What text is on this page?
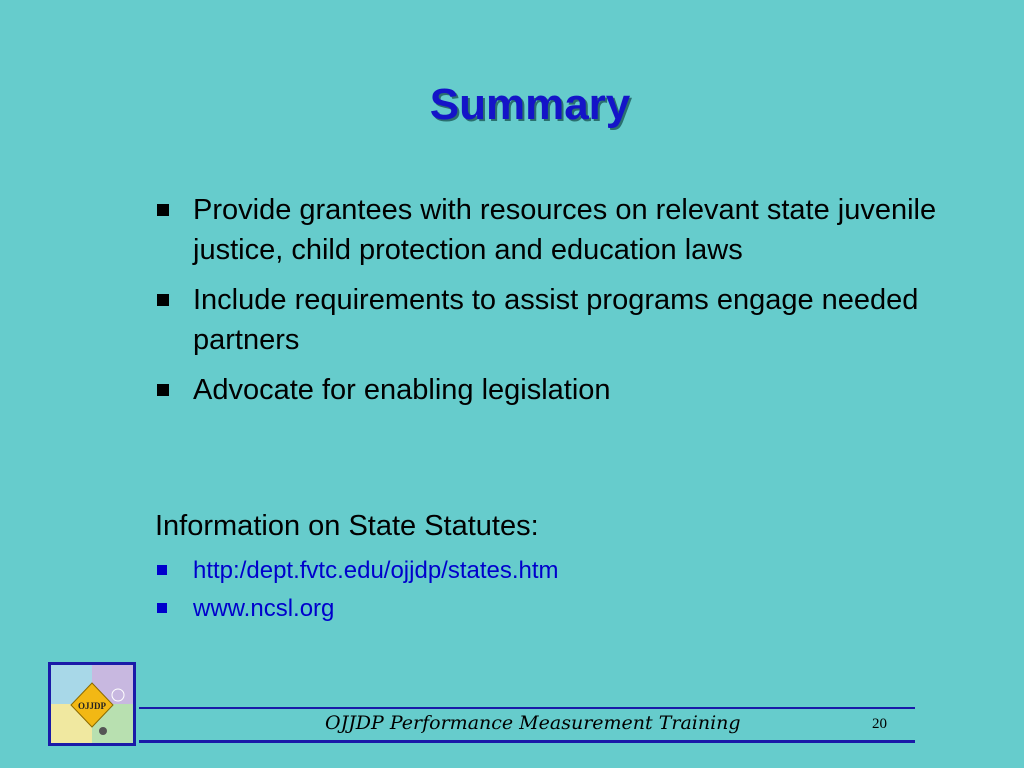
Summary
Provide grantees with resources on relevant state juvenile justice, child protection and education laws
Include requirements to assist programs engage needed partners
Advocate for enabling legislation

Information on State Statutes:

http:/dept.fvtc.edu/ojjdp/states.htm
www.ncsl.org
OJJDP
OJJDP Performance Measurement Training	20
